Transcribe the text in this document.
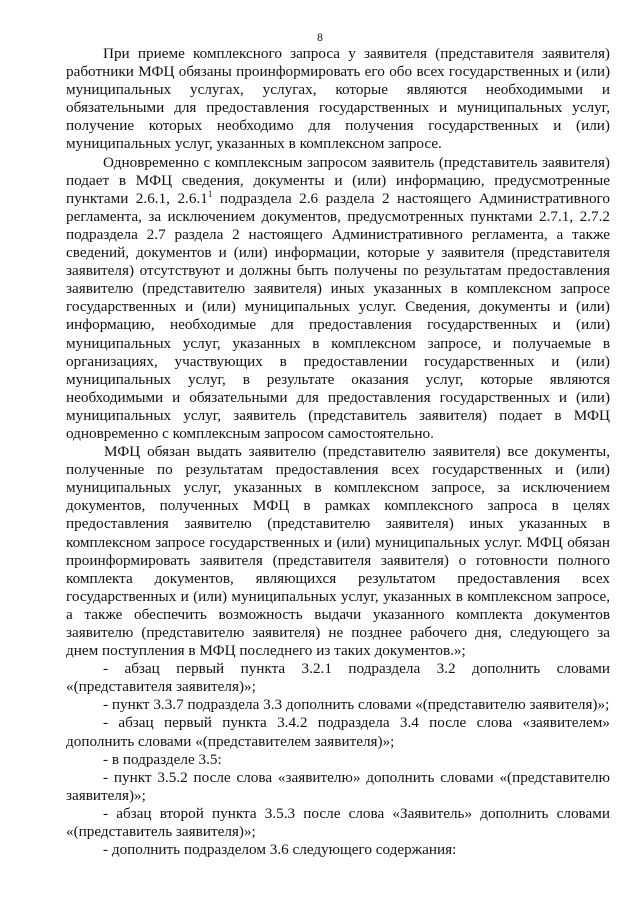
8

При приеме комплексного запроса у заявителя (представителя заявителя) работники МФЦ обязаны проинформировать его обо всех государственных и (или) муниципальных услугах, услугах, которые являются необходимыми и обязательными для предоставления государственных и муниципальных услуг, получение которых необходимо для получения государственных и (или) муниципальных услуг, указанных в комплексном запросе.

Одновременно с комплексным запросом заявитель (представитель заявителя) подает в МФЦ сведения, документы и (или) информацию, предусмотренные пунктами 2.6.1, 2.6.1$^1$ подраздела 2.6 раздела 2 настоящего Административного регламента, за исключением документов, предусмотренных пунктами 2.7.1, 2.7.2 подраздела 2.7 раздела 2 настоящего Административного регламента, а также сведений, документов и (или) информации, которые у заявителя (представителя заявителя) отсутствуют и должны быть получены по результатам предоставления заявителю (представителю заявителя) иных указанных в комплексном запросе государственных и (или) муниципальных услуг. Сведения, документы и (или) информацию, необходимые для предоставления государственных и (или) муниципальных услуг, указанных в комплексном запросе, и получаемые в организациях, участвующих в предоставлении государственных и (или) муниципальных услуг, в результате оказания услуг, которые являются необходимыми и обязательными для предоставления государственных и (или) муниципальных услуг, заявитель (представитель заявителя) подает в МФЦ одновременно с комплексным запросом самостоятельно.

МФЦ обязан выдать заявителю (представителю заявителя) все документы, полученные по результатам предоставления всех государственных и (или) муниципальных услуг, указанных в комплексном запросе, за исключением документов, полученных МФЦ в рамках комплексного запроса в целях предоставления заявителю (представителю заявителя) иных указанных в комплексном запросе государственных и (или) муниципальных услуг. МФЦ обязан проинформировать заявителя (представителя заявителя) о готовности полного комплекта документов, являющихся результатом предоставления всех государственных и (или) муниципальных услуг, указанных в комплексном запросе, а также обеспечить возможность выдачи указанного комплекта документов заявителю (представителю заявителя) не позднее рабочего дня, следующего за днем поступления в МФЦ последнего из таких документов.»;

- абзац первый пункта 3.2.1 подраздела 3.2 дополнить словами «(представителя заявителя)»;

- пункт 3.3.7 подраздела 3.3 дополнить словами «(представителю заявителя)»;

- абзац первый пункта 3.4.2 подраздела 3.4 после слова «заявителем» дополнить словами «(представителем заявителя)»;

- в подразделе 3.5:

- пункт 3.5.2 после слова «заявителю» дополнить словами «(представителю заявителя)»;

- абзац второй пункта 3.5.3 после слова «Заявитель» дополнить словами «(представитель заявителя)»;

- дополнить подразделом 3.6 следующего содержания:
